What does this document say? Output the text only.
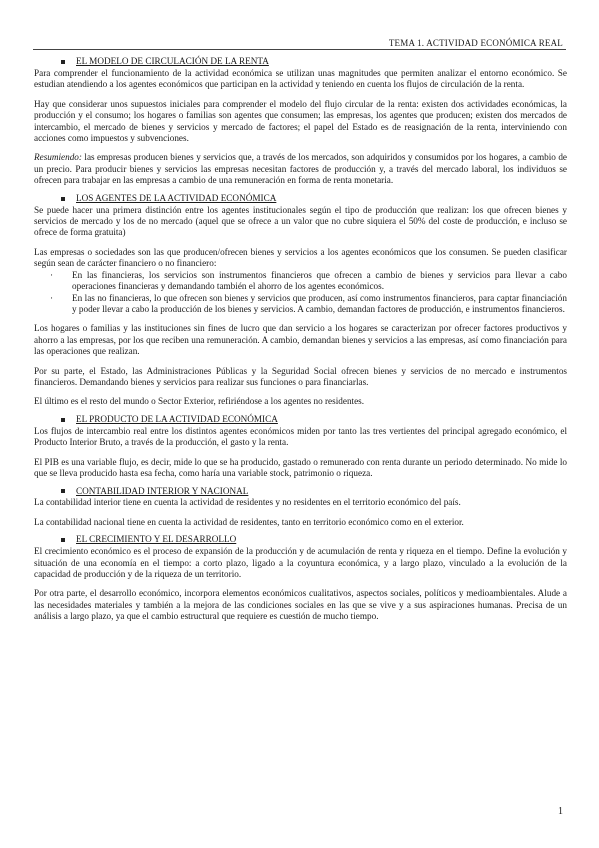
TEMA 1. ACTIVIDAD ECONÓMICA REAL
EL MODELO DE CIRCULACIÓN DE LA RENTA

Para comprender el funcionamiento de la actividad económica se utilizan unas magnitudes que permiten analizar el entorno económico. Se estudian atendiendo a los agentes económicos que participan en la actividad y teniendo en cuenta los flujos de circulación de la renta.

Hay que considerar unos supuestos iniciales para comprender el modelo del flujo circular de la renta: existen dos actividades económicas, la producción y el consumo; los hogares o familias son agentes que consumen; las empresas, los agentes que producen; existen dos mercados de intercambio, el mercado de bienes y servicios y mercado de factores; el papel del Estado es de reasignación de la renta, interviniendo con acciones como impuestos y subvenciones.

Resumiendo: las empresas producen bienes y servicios que, a través de los mercados, son adquiridos y consumidos por los hogares, a cambio de un precio. Para producir bienes y servicios las empresas necesitan factores de producción y, a través del mercado laboral, los individuos se ofrecen para trabajar en las empresas a cambio de una remuneración en forma de renta monetaria.

LOS AGENTES DE LA ACTIVIDAD ECONÓMICA

Se puede hacer una primera distinción entre los agentes institucionales según el tipo de producción que realizan: los que ofrecen bienes y servicios de mercado y los de no mercado (aquel que se ofrece a un valor que no cubre siquiera el 50% del coste de producción, e incluso se ofrece de forma gratuita)

Las empresas o sociedades son las que producen/ofrecen bienes y servicios a los agentes económicos que los consumen. Se pueden clasificar según sean de carácter financiero o no financiero:

· En las financieras, los servicios son instrumentos financieros que ofrecen a cambio de bienes y servicios para llevar a cabo operaciones financieras y demandando también el ahorro de los agentes económicos.
· En las no financieras, lo que ofrecen son bienes y servicios que producen, así como instrumentos financieros, para captar financiación y poder llevar a cabo la producción de los bienes y servicios. A cambio, demandan factores de producción, e instrumentos financieros.

Los hogares o familias y las instituciones sin fines de lucro que dan servicio a los hogares se caracterizan por ofrecer factores productivos y ahorro a las empresas, por los que reciben una remuneración. A cambio, demandan bienes y servicios a las empresas, así como financiación para las operaciones que realizan.

Por su parte, el Estado, las Administraciones Públicas y la Seguridad Social ofrecen bienes y servicios de no mercado e instrumentos financieros. Demandando bienes y servicios para realizar sus funciones o para financiarlas.

El último es el resto del mundo o Sector Exterior, refiriéndose a los agentes no residentes.

EL PRODUCTO DE LA ACTIVIDAD ECONÓMICA

Los flujos de intercambio real entre los distintos agentes económicos miden por tanto las tres vertientes del principal agregado económico, el Producto Interior Bruto, a través de la producción, el gasto y la renta.

El PIB es una variable flujo, es decir, mide lo que se ha producido, gastado o remunerado con renta durante un periodo determinado. No mide lo que se lleva producido hasta esa fecha, como haría una variable stock, patrimonio o riqueza.

CONTABILIDAD INTERIOR Y NACIONAL

La contabilidad interior tiene en cuenta la actividad de residentes y no residentes en el territorio económico del país.

La contabilidad nacional tiene en cuenta la actividad de residentes, tanto en territorio económico como en el exterior.

EL CRECIMIENTO Y EL DESARROLLO

El crecimiento económico es el proceso de expansión de la producción y de acumulación de renta y riqueza en el tiempo. Define la evolución y situación de una economía en el tiempo: a corto plazo, ligado a la coyuntura económica, y a largo plazo, vinculado a la evolución de la capacidad de producción y de la riqueza de un territorio.

Por otra parte, el desarrollo económico, incorpora elementos económicos cualitativos, aspectos sociales, políticos y medioambientales. Alude a las necesidades materiales y también a la mejora de las condiciones sociales en las que se vive y a sus aspiraciones humanas. Precisa de un análisis a largo plazo, ya que el cambio estructural que requiere es cuestión de mucho tiempo.

1
